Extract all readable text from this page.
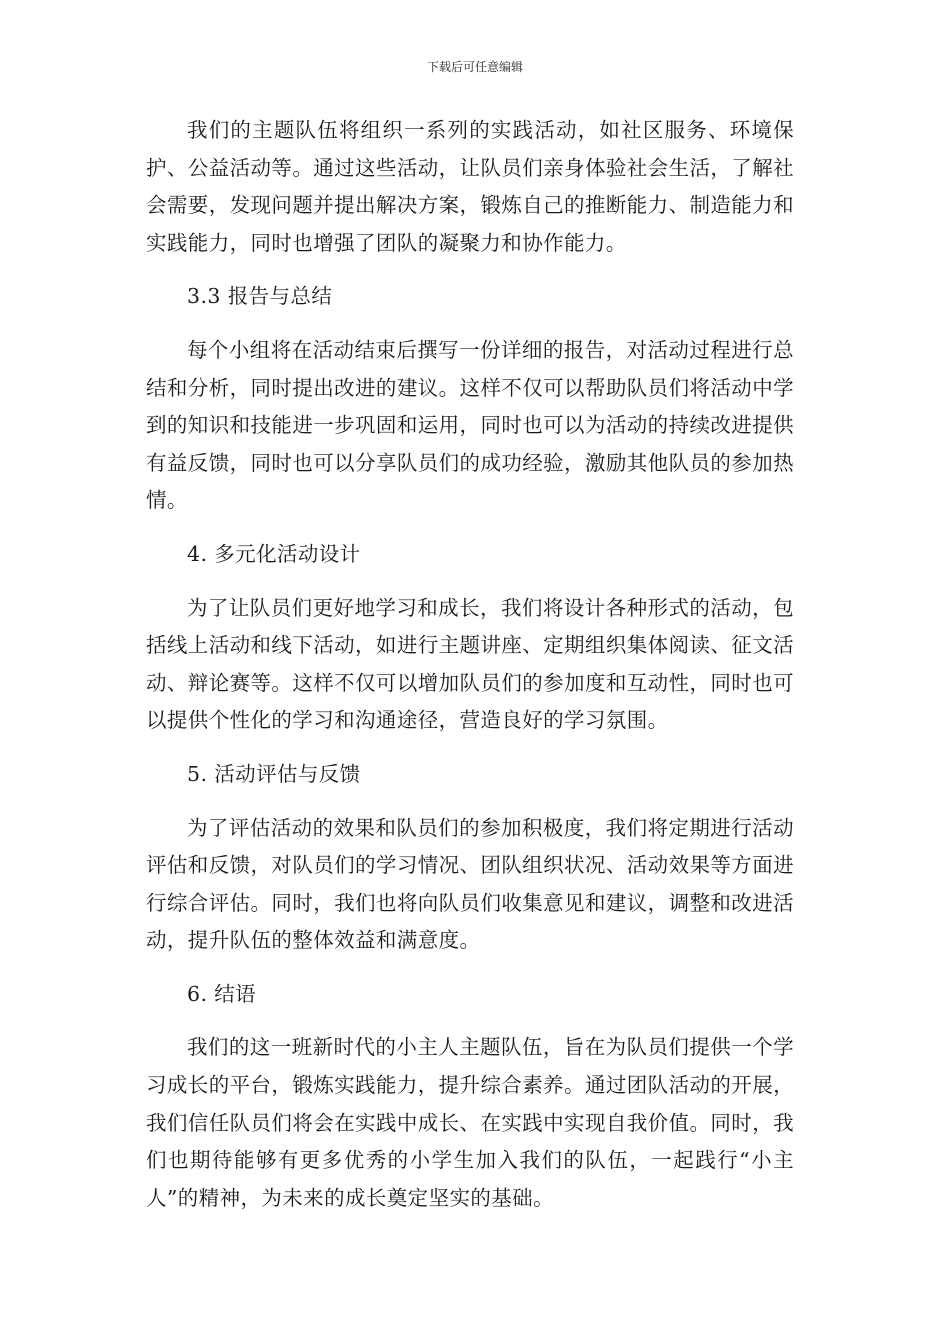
下载后可任意编辑

我们的主题队伍将组织一系列的实践活动，如社区服务、环境保护、公益活动等。通过这些活动，让队员们亲身体验社会生活，了解社会需要，发现问题并提出解决方案，锻炼自己的推断能力、制造能力和实践能力，同时也增强了团队的凝聚力和协作能力。

3.3 报告与总结

每个小组将在活动结束后撰写一份详细的报告，对活动过程进行总结和分析，同时提出改进的建议。这样不仅可以帮助队员们将活动中学到的知识和技能进一步巩固和运用，同时也可以为活动的持续改进提供有益反馈，同时也可以分享队员们的成功经验，激励其他队员的参加热情。

4. 多元化活动设计

为了让队员们更好地学习和成长，我们将设计各种形式的活动，包括线上活动和线下活动，如进行主题讲座、定期组织集体阅读、征文活动、辩论赛等。这样不仅可以增加队员们的参加度和互动性，同时也可以提供个性化的学习和沟通途径，营造良好的学习氛围。

5. 活动评估与反馈

为了评估活动的效果和队员们的参加积极度，我们将定期进行活动评估和反馈，对队员们的学习情况、团队组织状况、活动效果等方面进行综合评估。同时，我们也将向队员们收集意见和建议，调整和改进活动，提升队伍的整体效益和满意度。

6. 结语

我们的这一班新时代的小主人主题队伍，旨在为队员们提供一个学习成长的平台，锻炼实践能力，提升综合素养。通过团队活动的开展，我们信任队员们将会在实践中成长、在实践中实现自我价值。同时，我们也期待能够有更多优秀的小学生加入我们的队伍，一起践行“小主人”的精神，为未来的成长奠定坚实的基础。
